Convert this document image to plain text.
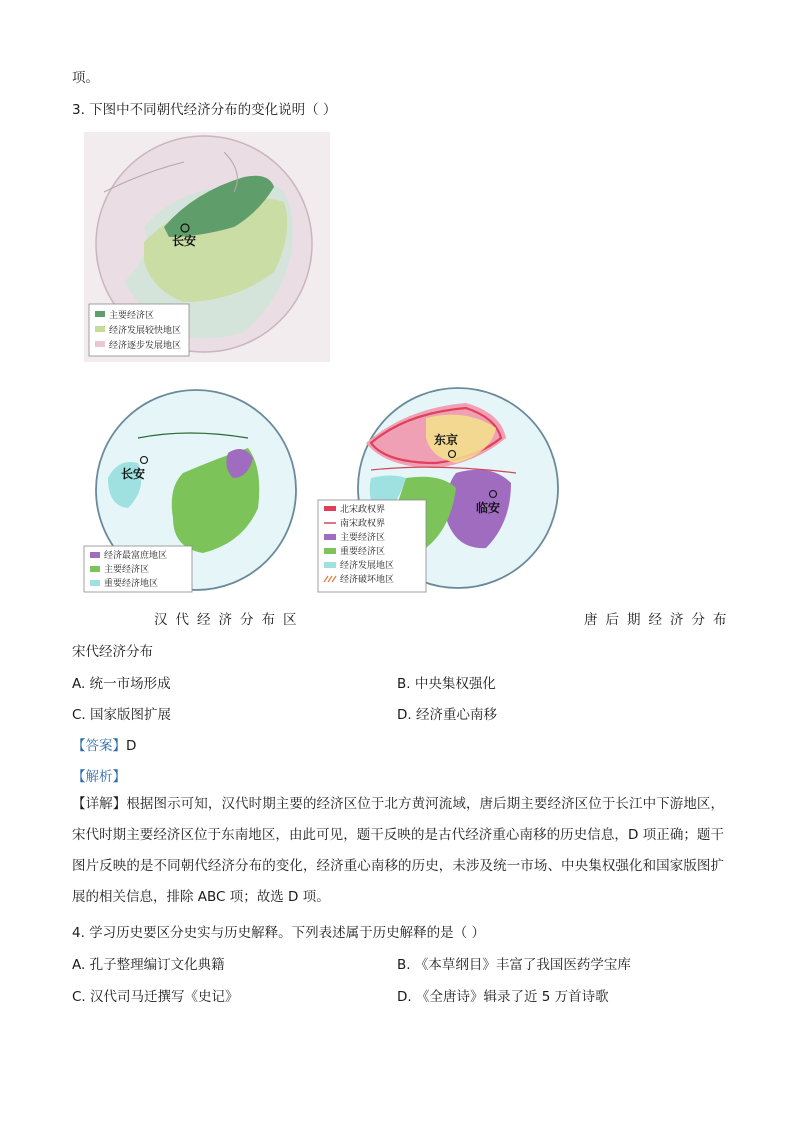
项。
3. 下图中不同朝代经济分布的变化说明（ ）
长安
主要经济区
经济发展较快地区
经济逐步发展地区
长安
经济最富庶地区
主要经济区
重要经济地区
东京
临安
北宋政权界
南宋政权界
主要经济区
重要经济区
经济发展地区
经济破坏地区
汉代经济分布区	唐后期经济分布
宋代经济分布
A. 统一市场形成	B. 中央集权强化
C. 国家版图扩展	D. 经济重心南移
【答案】D
【解析】
【详解】根据图示可知，汉代时期主要的经济区位于北方黄河流域，唐后期主要经济区位于长江中下游地区，宋代时期主要经济区位于东南地区，由此可见，题干反映的是古代经济重心南移的历史信息，D 项正确；题干图片反映的是不同朝代经济分布的变化，经济重心南移的历史，未涉及统一市场、中央集权强化和国家版图扩展的相关信息，排除 ABC 项；故选 D 项。
4. 学习历史要区分史实与历史解释。下列表述属于历史解释的是（ ）
A. 孔子整理编订文化典籍	B. 《本草纲目》丰富了我国医药学宝库
C. 汉代司马迁撰写《史记》	D. 《全唐诗》辑录了近 5 万首诗歌
